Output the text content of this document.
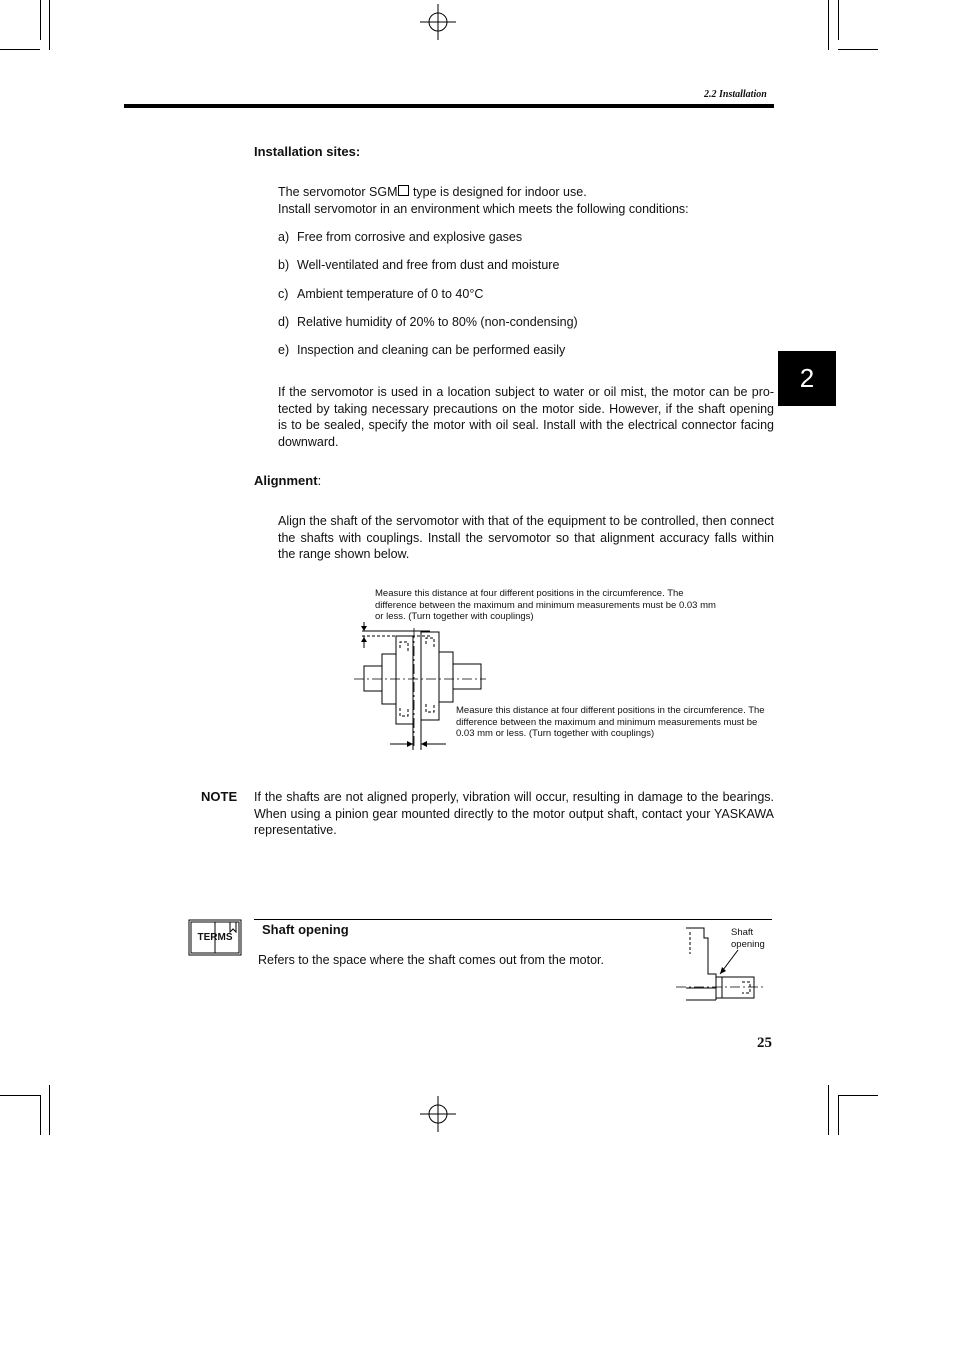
2.2 Installation
2
Installation sites:
The servomotor SGM type is designed for indoor use.
Install servomotor in an environment which meets the following conditions:
a) Free from corrosive and explosive gases
b) Well-ventilated and free from dust and moisture
c) Ambient temperature of 0 to 40°C
d) Relative humidity of 20% to 80% (non-condensing)
e) Inspection and cleaning can be performed easily
If the servomotor is used in a location subject to water or oil mist, the motor can be pro-tected by taking necessary precautions on the motor side. However, if the shaft opening is to be sealed, specify the motor with oil seal. Install with the electrical connector facing downward.
Alignment:
Align the shaft of the servomotor with that of the equipment to be controlled, then connect the shafts with couplings. Install the servomotor so that alignment accuracy falls within the range shown below.
Measure this distance at four different positions in the circumference. The difference between the maximum and minimum measurements must be 0.03 mm or less. (Turn together with couplings)
Measure this distance at four different positions in the circumference. The difference between the maximum and minimum measurements must be 0.03 mm or less. (Turn together with couplings)
NOTE If the shafts are not aligned properly, vibration will occur, resulting in damage to the bearings. When using a pinion gear mounted directly to the motor output shaft, contact your YASKAWA representative.
TERMS
Shaft opening
Refers to the space where the shaft comes out from the motor.
Shaft
opening
25
